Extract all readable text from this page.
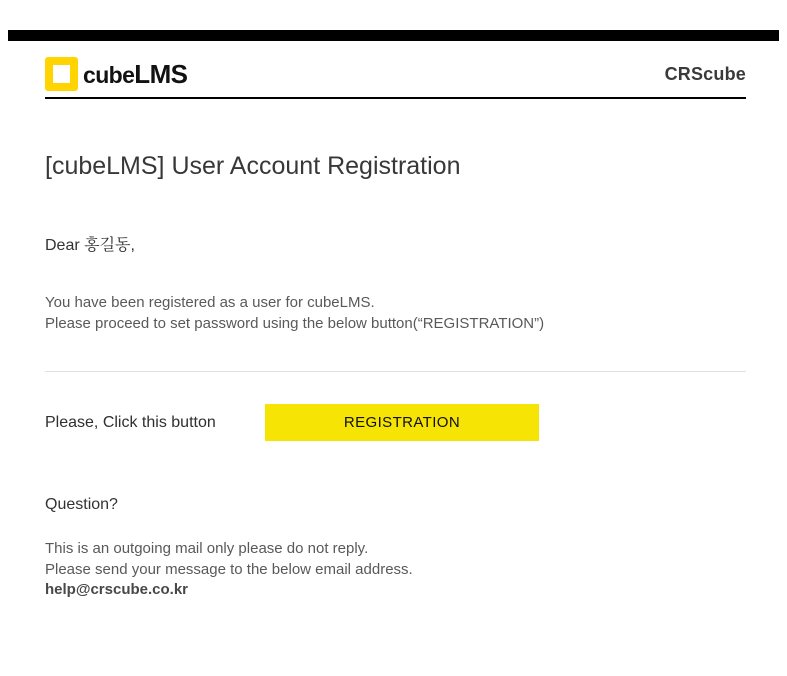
cubeLMS	CRScube
[cubeLMS] User Account Registration

Dear 홍길동,

You have been registered as a user for cubeLMS.

Please proceed to set password using the below button(“REGISTRATION”)

Please, Click this button	REGISTRATION

Question?

This is an outgoing mail only please do not reply.

Please send your message to the below email address.

help@crscube.co.kr
